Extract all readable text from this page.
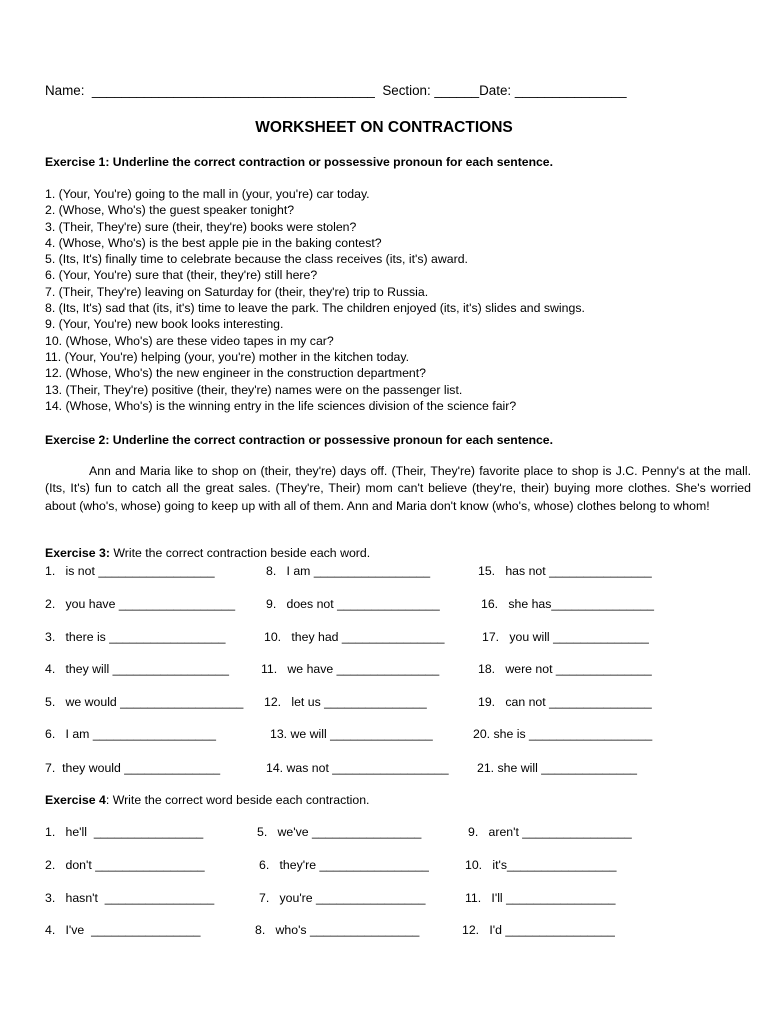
Name:  ______________________________________  Section: ______Date: _______________
WORKSHEET ON CONTRACTIONS
Exercise 1: Underline the correct contraction or possessive pronoun for each sentence.
1. (Your, You're) going to the mall in (your, you're) car today.
2. (Whose, Who's) the guest speaker tonight?
3. (Their, They're) sure (their, they're) books were stolen?
4. (Whose, Who's) is the best apple pie in the baking contest?
5. (Its, It's) finally time to celebrate because the class receives (its, it's) award.
6. (Your, You're) sure that (their, they're) still here?
7. (Their, They're) leaving on Saturday for (their, they're) trip to Russia.
8. (Its, It's) sad that (its, it's) time to leave the park. The children enjoyed (its, it's) slides and swings.
9. (Your, You're) new book looks interesting.
10. (Whose, Who's) are these video tapes in my car?
11. (Your, You're) helping (your, you're) mother in the kitchen today.
12. (Whose, Who's) the new engineer in the construction department?
13. (Their, They're) positive (their, they're) names were on the passenger list.
14. (Whose, Who's) is the winning entry in the life sciences division of the science fair?
Exercise 2: Underline the correct contraction or possessive pronoun for each sentence.

Ann and Maria like to shop on (their, they're) days off. (Their, They're) favorite place to shop is J.C. Penny's at the mall. (Its, It's) fun to catch all the great sales. (They're, Their) mom can't believe (they're, their) buying more clothes. She's worried about (who's, whose) going to keep up with all of them. Ann and Maria don't know (who's, whose) clothes belong to whom!

Exercise 3: Write the correct contraction beside each word.
1.   is not _________________	8.   I am _________________	15.   has not _______________
2.   you have _________________	9.   does not _______________	16.   she has_______________
3.   there is _________________	10.   they had _______________	17.   you will ______________
4.   they will _________________	11.   we have _______________	18.   were not ______________
5.   we would __________________ 12.   let us _______________	19.   can not _______________
6.   I am __________________	13. we will _______________	20. she is __________________
7.  they would ______________	14. was not _________________ 21. she will ______________
Exercise 4: Write the correct word beside each contraction.
1.   he'll  ________________	5.   we've ________________	9.   aren't ________________
2.   don't ________________	6.   they're ________________	10.   it's________________
3.   hasn't  ________________	7.   you're ________________	11.   I'll ________________
4.   I've  ________________	8.   who's ________________	12.   I'd ________________
